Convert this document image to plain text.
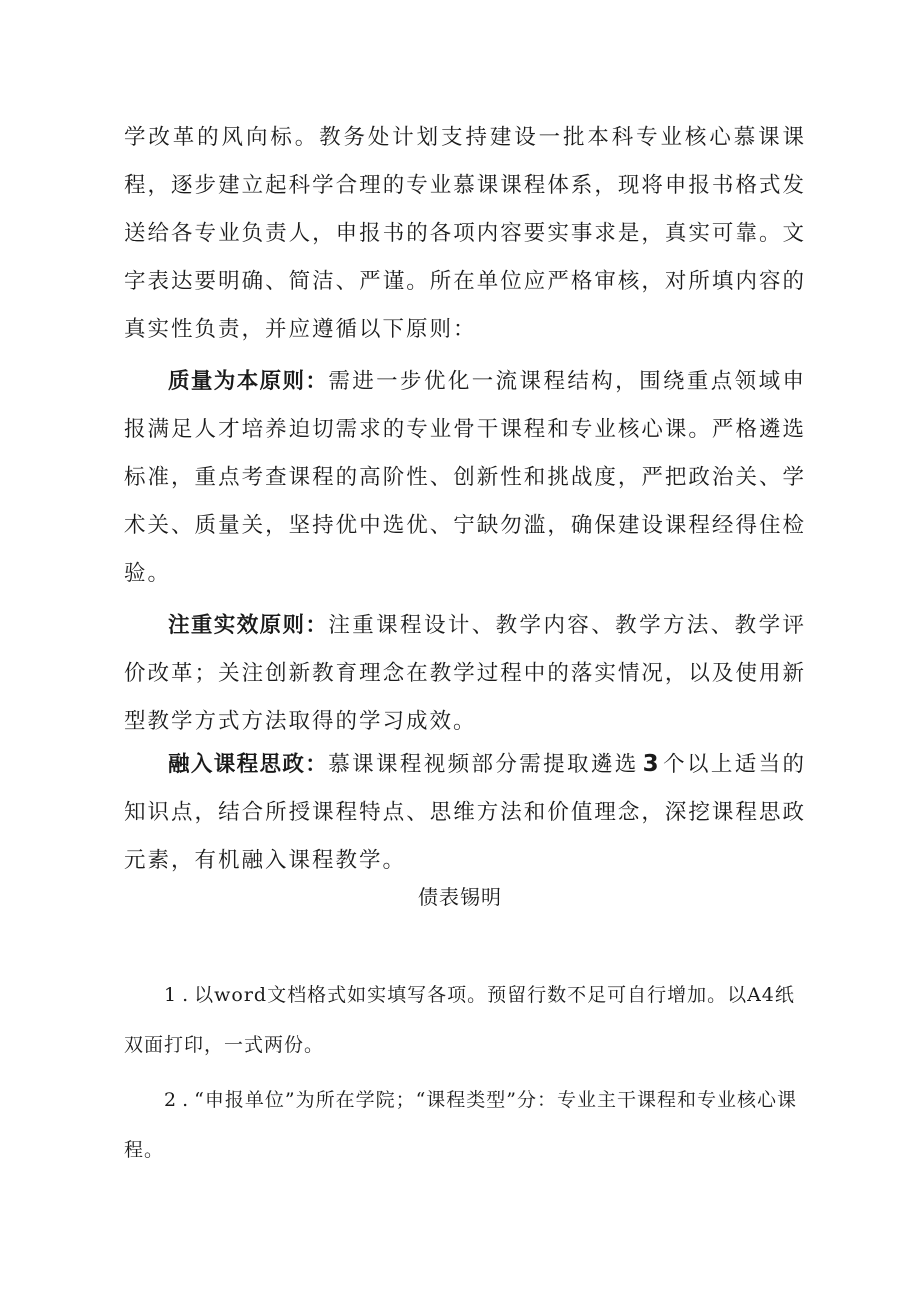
学改革的风向标。教务处计划支持建设一批本科专业核心慕课课程，逐步建立起科学合理的专业慕课课程体系，现将申报书格式发送给各专业负责人，申报书的各项内容要实事求是，真实可靠。文字表达要明确、简洁、严谨。所在单位应严格审核，对所填内容的真实性负责，并应遵循以下原则：

质量为本原则：需进一步优化一流课程结构，围绕重点领域申报满足人才培养迫切需求的专业骨干课程和专业核心课。严格遴选标准，重点考查课程的高阶性、创新性和挑战度，严把政治关、学术关、质量关，坚持优中选优、宁缺勿滥，确保建设课程经得住检验。

注重实效原则：注重课程设计、教学内容、教学方法、教学评价改革；关注创新教育理念在教学过程中的落实情况，以及使用新型教学方式方法取得的学习成效。

融入课程思政：慕课课程视频部分需提取遴选 3 个以上适当的知识点，结合所授课程特点、思维方法和价值理念，深挖课程思政元素，有机融入课程教学。

债表锡明

1.以word文档格式如实填写各项。预留行数不足可自行增加。以A4纸双面打印，一式两份。

2.“申报单位”为所在学院；“课程类型”分：专业主干课程和专业核心课程。
